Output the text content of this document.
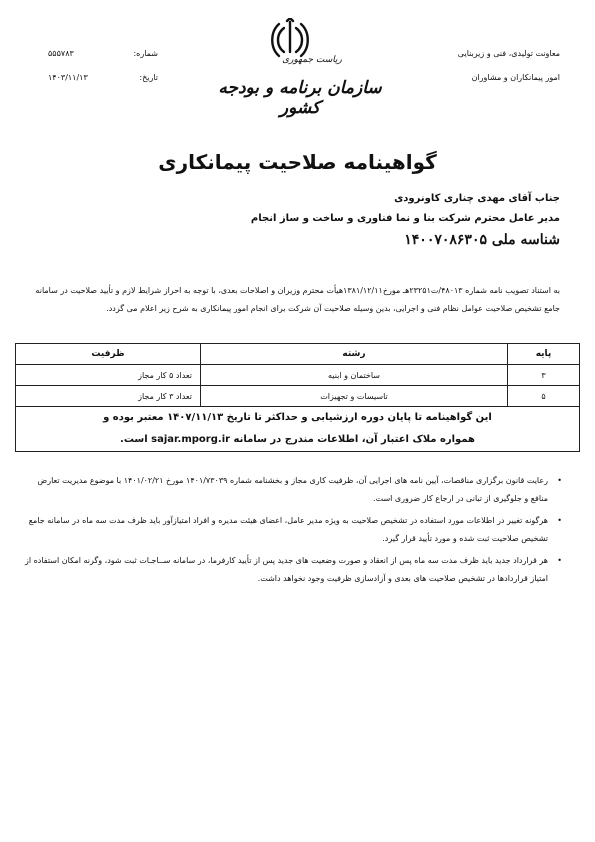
معاونت تولیدی، فنی و زیربنایی
امور پیمانکاران و مشاوران
شماره:
۵۵۵۷۸۳
تاریخ:
۱۴۰۳/۱۱/۱۳
ریاست جمهوری
سازمان برنامه و بودجه کشور
گواهینامه صلاحیت پیمانکاری
جناب آقای مهدی چناری کاونرودی
مدیر عامل محترم شرکت بنا و نما فناوری و ساخت و ساز انجام
شناسه ملی ۱۴۰۰۷۰۸۶۳۰۵
به استناد تصویب نامه شماره ۴۸۰۱۳/ت۲۳۲۵۱هـ مورخ۱۳۸۱/۱۲/۱۱هیأت محترم وزیران و اصلاحات بعدی، با توجه به احراز شرایط لازم و تأیید صلاحیت در سامانه جامع تشخیص صلاحیت عوامل نظام فنی و اجرایی، بدین وسیله صلاحیت آن شرکت برای انجام امور پیمانکاری به شرح زیر اعلام می گردد.
پایه	رشته	ظرفیت
۳	ساختمان و ابنیه	تعداد ۵ کار مجاز
۵	تاسیسات و تجهیزات	تعداد ۳ کار مجاز

این گواهینامه تا پایان دوره ارزشیابی و حداکثر تا تاریخ ۱۴۰۷/۱۱/۱۳ معتبر بوده و
همواره ملاک اعتبار آن، اطلاعات مندرج در سامانه sajar.mporg.ir است.		
•
رعایت قانون برگزاری مناقصات، آیین نامه های اجرایی آن، ظرفیت کاری مجاز و بخشنامه شماره ۱۴۰۱/۷۳۰۳۹ مورخ ۱۴۰۱/۰۲/۲۱ با موضوع مدیریت تعارض منافع و جلوگیری از تبانی در ارجاع کار ضروری است.
•
هرگونه تغییر در اطلاعات مورد استفاده در تشخیص صلاحیت به ویژه مدیر عامل، اعضای هیئت مدیره و افراد امتیازآور باید ظرف مدت سه ماه در سامانه جامع تشخیص صلاحیت ثبت شده و مورد تأیید قرار گیرد.
•
هر قرارداد جدید باید ظرف مدت سه ماه پس از انعقاد و صورت وضعیت های جدید پس از تأیید کارفرما، در سامانه ســاجـات ثبت شود، وگرنه امکان استفاده از امتیاز قراردادها در تشخیص صلاحیت های بعدی و آزادسازی ظرفیت وجود نخواهد داشت.
